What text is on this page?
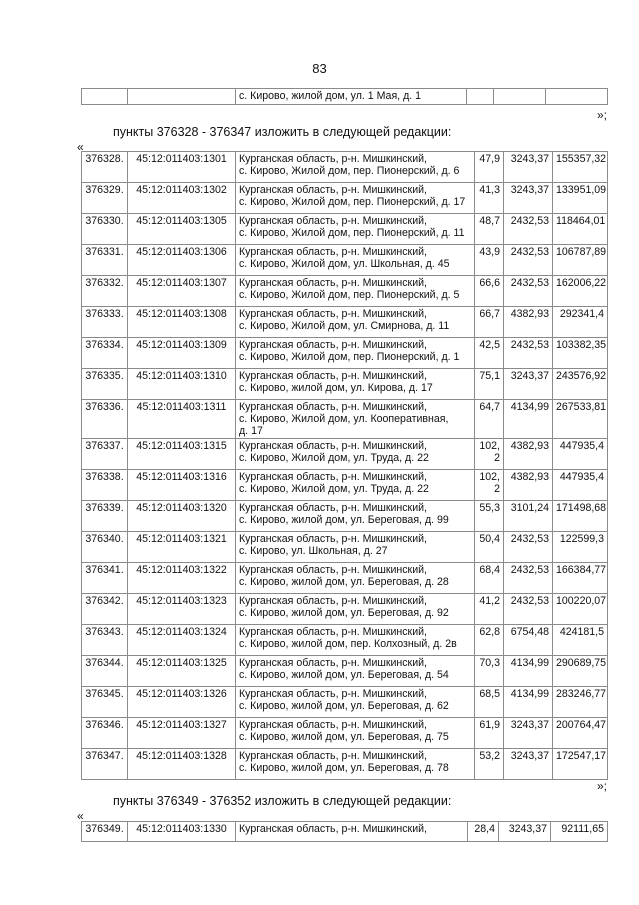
83
		с. Кирово, жилой дом, ул. 1 Мая, д. 1			
»;
пункты 376328 - 376347 изложить в следующей редакции:
«
376328.	45:12:011403:1301	Курганская область, р-н. Мишкинский,
с. Кирово, Жилой дом, пер. Пионерский, д. 6	47,9	3243,37	155357,32
376329.	45:12:011403:1302	Курганская область, р-н. Мишкинский,
с. Кирово, Жилой дом, пер. Пионерский, д. 17	41,3	3243,37	133951,09
376330.	45:12:011403:1305	Курганская область, р-н. Мишкинский,
с. Кирово, Жилой дом, пер. Пионерский, д. 11	48,7	2432,53	118464,01
376331.	45:12:011403:1306	Курганская область, р-н. Мишкинский,
с. Кирово, Жилой дом, ул. Школьная, д. 45	43,9	2432,53	106787,89
376332.	45:12:011403:1307	Курганская область, р-н. Мишкинский,
с. Кирово, Жилой дом, пер. Пионерский, д. 5	66,6	2432,53	162006,22
376333.	45:12:011403:1308	Курганская область, р-н. Мишкинский,
с. Кирово, Жилой дом, ул. Смирнова, д. 11	66,7	4382,93	292341,4
376334.	45:12:011403:1309	Курганская область, р-н. Мишкинский,
с. Кирово, Жилой дом, пер. Пионерский, д. 1	42,5	2432,53	103382,35
376335.	45:12:011403:1310	Курганская область, р-н. Мишкинский,
с. Кирово, жилой дом, ул. Кирова, д. 17	75,1	3243,37	243576,92
376336.	45:12:011403:1311	Курганская область, р-н. Мишкинский,
с. Кирово, Жилой дом, ул. Кооперативная,
д. 17	64,7	4134,99	267533,81
376337.	45:12:011403:1315	Курганская область, р-н. Мишкинский,
с. Кирово, Жилой дом, ул. Труда, д. 22	102,
2	4382,93	447935,4
376338.	45:12:011403:1316	Курганская область, р-н. Мишкинский,
с. Кирово, Жилой дом, ул. Труда, д. 22	102,
2	4382,93	447935,4
376339.	45:12:011403:1320	Курганская область, р-н. Мишкинский,
с. Кирово, жилой дом, ул. Береговая, д. 99	55,3	3101,24	171498,68
376340.	45:12:011403:1321	Курганская область, р-н. Мишкинский,
с. Кирово, ул. Школьная, д. 27	50,4	2432,53	122599,3
376341.	45:12:011403:1322	Курганская область, р-н. Мишкинский,
с. Кирово, жилой дом, ул. Береговая, д. 28	68,4	2432,53	166384,77
376342.	45:12:011403:1323	Курганская область, р-н. Мишкинский,
с. Кирово, жилой дом, ул. Береговая, д. 92	41,2	2432,53	100220,07
376343.	45:12:011403:1324	Курганская область, р-н. Мишкинский,
с. Кирово, жилой дом, пер. Колхозный, д. 2в	62,8	6754,48	424181,5
376344.	45:12:011403:1325	Курганская область, р-н. Мишкинский,
с. Кирово, жилой дом, ул. Береговая, д. 54	70,3	4134,99	290689,75
376345.	45:12:011403:1326	Курганская область, р-н. Мишкинский,
с. Кирово, жилой дом, ул. Береговая, д. 62	68,5	4134,99	283246,77
376346.	45:12:011403:1327	Курганская область, р-н. Мишкинский,
с. Кирово, жилой дом, ул. Береговая, д. 75	61,9	3243,37	200764,47
376347.	45:12:011403:1328	Курганская область, р-н. Мишкинский,
с. Кирово, жилой дом, ул. Береговая, д. 78	53,2	3243,37	172547,17
»;
пункты 376349 - 376352 изложить в следующей редакции:
«
376349.	45:12:011403:1330	Курганская область, р-н. Мишкинский,	28,4	3243,37	92111,65
